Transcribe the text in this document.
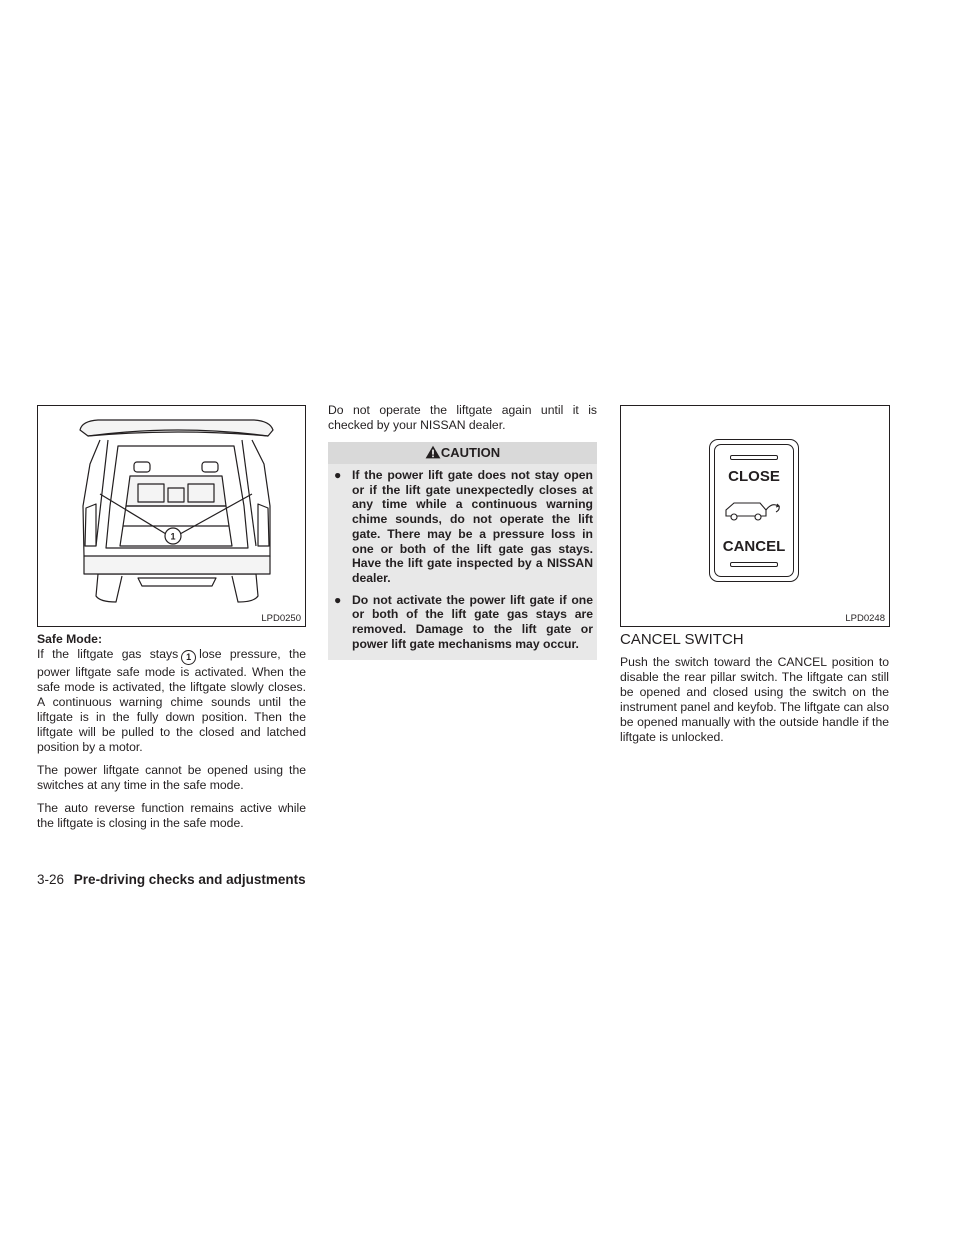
1
LPD0250
Safe Mode:

If the liftgate gas stays 1 lose pressure, the power liftgate safe mode is activated. When the safe mode is activated, the liftgate slowly closes. A continuous warning chime sounds until the liftgate is in the fully down position. Then the liftgate will be pulled to the closed and latched position by a motor.

The power liftgate cannot be opened using the switches at any time in the safe mode.

The auto reverse function remains active while the liftgate is closing in the safe mode.

Do not operate the liftgate again until it is checked by your NISSAN dealer.

CAUTION
● If the power lift gate does not stay open or if the lift gate unexpectedly closes at any time while a continuous warning chime sounds, do not operate the lift gate. There may be a pressure loss in one or both of the lift gate gas stays. Have the lift gate inspected by a NISSAN dealer.
● Do not activate the power lift gate if one or both of the lift gate gas stays are removed. Damage to the lift gate or power lift gate mechanisms may occur.
CLOSE
CANCEL
LPD0248
CANCEL SWITCH

Push the switch toward the CANCEL position to disable the rear pillar switch. The liftgate can still be opened and closed using the switch on the instrument panel and keyfob. The liftgate can also be opened manually with the outside handle if the liftgate is unlocked.

3-26 Pre-driving checks and adjustments
